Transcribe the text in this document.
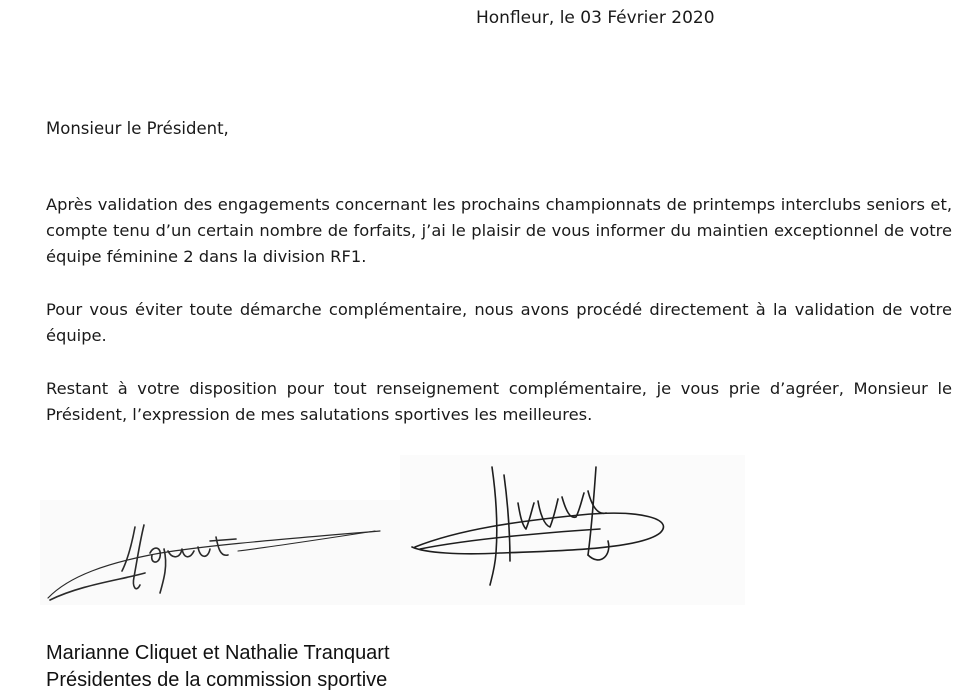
Honfleur, le 03 Février 2020
Monsieur le Président,

Après validation des engagements concernant les prochains championnats de printemps interclubs seniors et, compte tenu d’un certain nombre de forfaits, j’ai le plaisir de vous informer du maintien exceptionnel de votre équipe féminine 2 dans la division RF1.

Pour vous éviter toute démarche complémentaire, nous avons procédé directement à la validation de votre équipe.

Restant à votre disposition pour tout renseignement complémentaire, je vous prie d’agréer, Monsieur le Président, l’expression de mes salutations sportives les meilleures.

Marianne Cliquet et Nathalie Tranquart
Présidentes de la commission sportive
